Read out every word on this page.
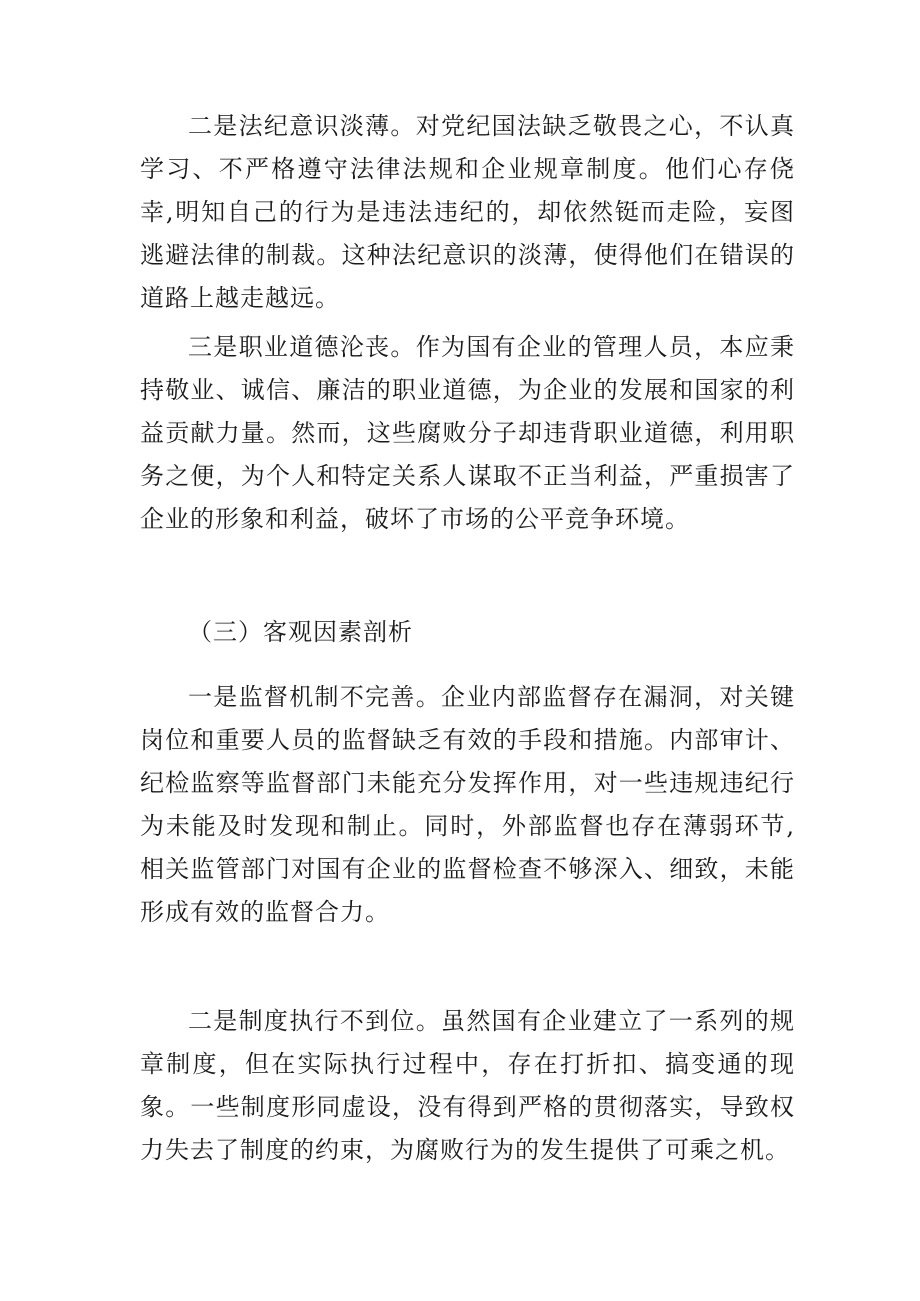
二是法纪意识淡薄。对党纪国法缺乏敬畏之心，不认真学习、不严格遵守法律法规和企业规章制度。他们心存侥幸,明知自己的行为是违法违纪的，却依然铤而走险，妄图逃避法律的制裁。这种法纪意识的淡薄，使得他们在错误的道路上越走越远。

三是职业道德沦丧。作为国有企业的管理人员，本应秉持敬业、诚信、廉洁的职业道德，为企业的发展和国家的利益贡献力量。然而，这些腐败分子却违背职业道德，利用职务之便，为个人和特定关系人谋取不正当利益，严重损害了企业的形象和利益，破坏了市场的公平竞争环境。

（三）客观因素剖析

一是监督机制不完善。企业内部监督存在漏洞，对关键岗位和重要人员的监督缺乏有效的手段和措施。内部审计、纪检监察等监督部门未能充分发挥作用，对一些违规违纪行为未能及时发现和制止。同时，外部监督也存在薄弱环节,相关监管部门对国有企业的监督检查不够深入、细致，未能形成有效的监督合力。

二是制度执行不到位。虽然国有企业建立了一系列的规章制度，但在实际执行过程中，存在打折扣、搞变通的现象。一些制度形同虚设，没有得到严格的贯彻落实，导致权力失去了制度的约束，为腐败行为的发生提供了可乘之机。
